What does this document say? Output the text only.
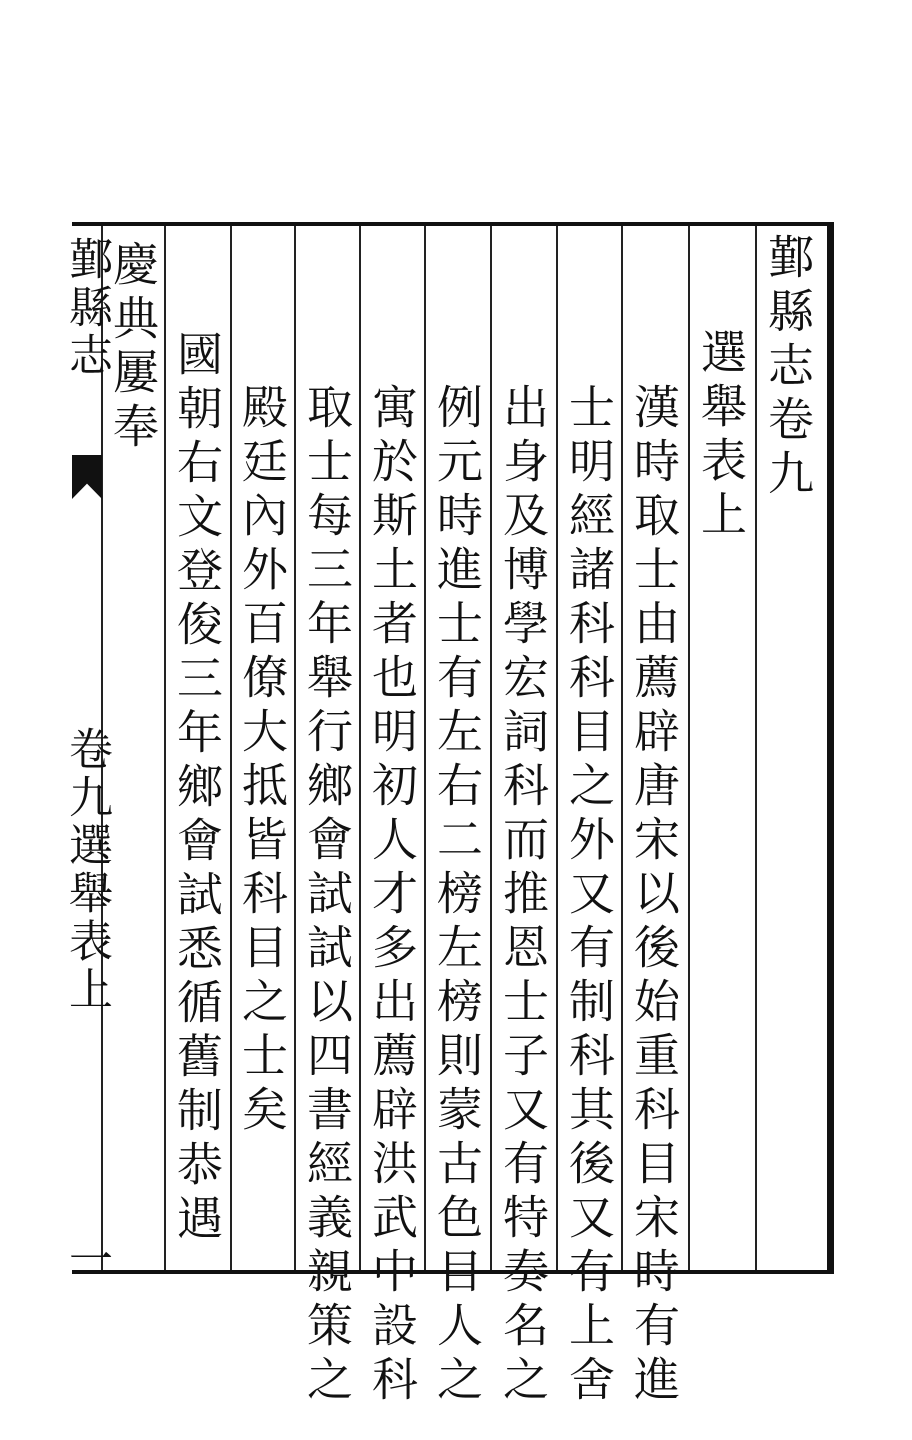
鄞縣志卷九
選舉表上
漢時取士由薦辟唐宋以後始重科目宋時有進
士明經諸科科目之外又有制科其後又有上舍
出身及博學宏詞科而推恩士子又有特奏名之
例元時進士有左右二榜左榜則蒙古色目人之
寓於斯土者也明初人才多出薦辟洪武中設科
取士每三年舉行鄉會試試以四書經義親策之
殿廷內外百僚大抵皆科目之士矣
國朝右文登俊三年鄉會試悉循舊制恭遇
慶典屢奉
鄞縣志
卷九選舉表上
一
